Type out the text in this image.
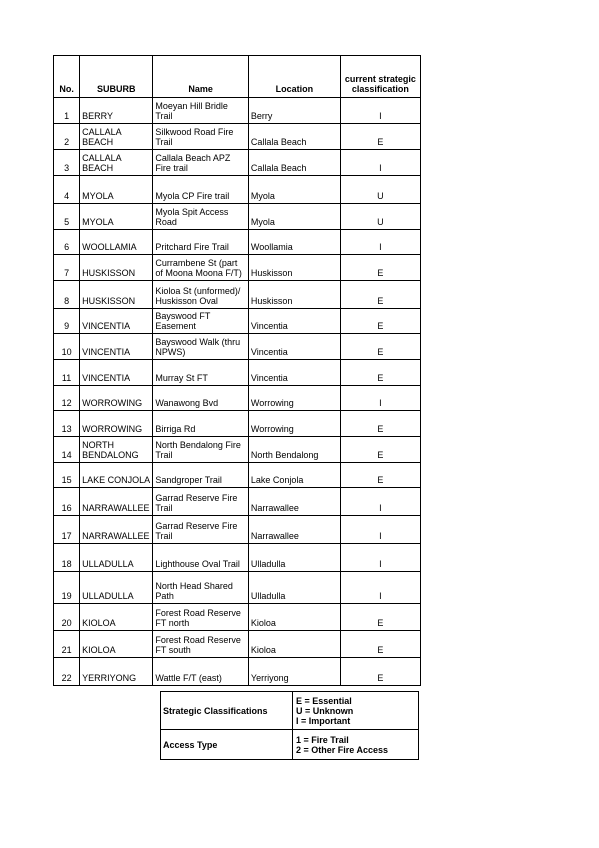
No.	SUBURB	Name	Location	current strategic
classification

1	BERRY	Moeyan Hill Bridle Trail	Berry	I
2	CALLALA BEACH	Silkwood Road Fire Trail	Callala Beach	E
3	CALLALA BEACH	Callala Beach APZ Fire trail	Callala Beach	I
4	MYOLA	Myola CP Fire trail	Myola	U
5	MYOLA	Myola Spit Access Road	Myola	U
6	WOOLLAMIA	Pritchard Fire Trail	Woollamia	I
7	HUSKISSON	Currambene St (part of Moona Moona F/T)	Huskisson	E
8	HUSKISSON	Kioloa St (unformed)/ Huskisson Oval	Huskisson	E
9	VINCENTIA	Bayswood FT Easement	Vincentia	E
10	VINCENTIA	Bayswood Walk (thru NPWS)	Vincentia	E
11	VINCENTIA	Murray St FT	Vincentia	E
12	WORROWING	Wanawong Bvd	Worrowing	I
13	WORROWING	Birriga Rd	Worrowing	E
14	NORTH BENDALONG	North Bendalong Fire Trail	North Bendalong	E
15	LAKE CONJOLA	Sandgroper Trail	Lake Conjola	E
16	NARRAWALLEE	Garrad Reserve Fire Trail	Narrawallee	I
17	NARRAWALLEE	Garrad Reserve Fire Trail	Narrawallee	I
18	ULLADULLA	Lighthouse Oval Trail	Ulladulla	I
19	ULLADULLA	North Head Shared Path	Ulladulla	I
20	KIOLOA	Forest Road Reserve FT north	Kioloa	E
21	KIOLOA	Forest Road Reserve FT south	Kioloa	E
22	YERRIYONG	Wattle F/T (east)	Yerriyong	E
Strategic Classifications	E = Essential
U = Unknown
I = Important

Access Type	1 = Fire Trail
2 = Other Fire Access
